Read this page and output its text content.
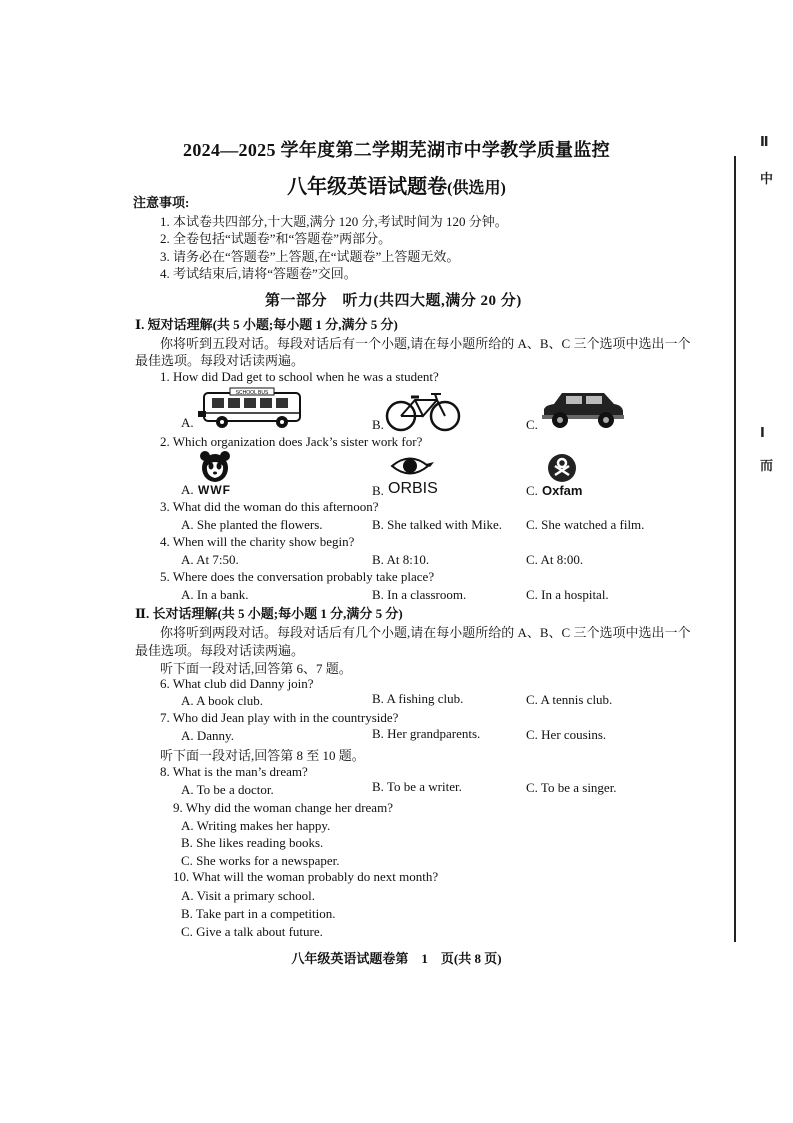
Ⅱ
中
Ⅰ
而
2024—2025 学年度第二学期芜湖市中学教学质量监控
八年级英语试题卷(供选用)
注意事项:
1. 本试卷共四部分,十大题,满分 120 分,考试时间为 120 分钟。
2. 全卷包括“试题卷”和“答题卷”两部分。
3. 请务必在“答题卷”上答题,在“试题卷”上答题无效。
4. 考试结束后,请将“答题卷”交回。
第一部分　听力(共四大题,满分 20 分)
Ⅰ. 短对话理解(共 5 小题;每小题 1 分,满分 5 分)
你将听到五段对话。每段对话后有一个小题,请在每小题所给的 A、B、C 三个选项中选出一个
最佳选项。每段对话读两遍。
1. How did Dad get to school when he was a student?
A.
SCHOOL BUS
B.	C.
2. Which organization does Jack’s sister work for?
A. WWF	B. ORBIS	C. Oxfam
3. What did the woman do this afternoon?
A. She planted the flowers.	B. She talked with Mike. C. She watched a film.
4. When will the charity show begin?
A. At 7:50.	B. At 8:10.	C. At 8:00.
5. Where does the conversation probably take place?
A. In a bank.	B. In a classroom.	C. In a hospital.
Ⅱ. 长对话理解(共 5 小题;每小题 1 分,满分 5 分)
你将听到两段对话。每段对话后有几个小题,请在每小题所给的 A、B、C 三个选项中选出一个
最佳选项。每段对话读两遍。
听下面一段对话,回答第 6、7 题。
6. What club did Danny join?
A. A book club.	B. A fishing club.	C. A tennis club.
7. Who did Jean play with in the countryside?
A. Danny.	B. Her grandparents.	C. Her cousins.
听下面一段对话,回答第 8 至 10 题。
8. What is the man’s dream?
A. To be a doctor.	B. To be a writer.	C. To be a singer.
9. Why did the woman change her dream?
A. Writing makes her happy.
B. She likes reading books.
C. She works for a newspaper.
10. What will the woman probably do next month?
A. Visit a primary school.
B. Take part in a competition.
C. Give a talk about future.
八年级英语试题卷第　1　页(共 8 页)
